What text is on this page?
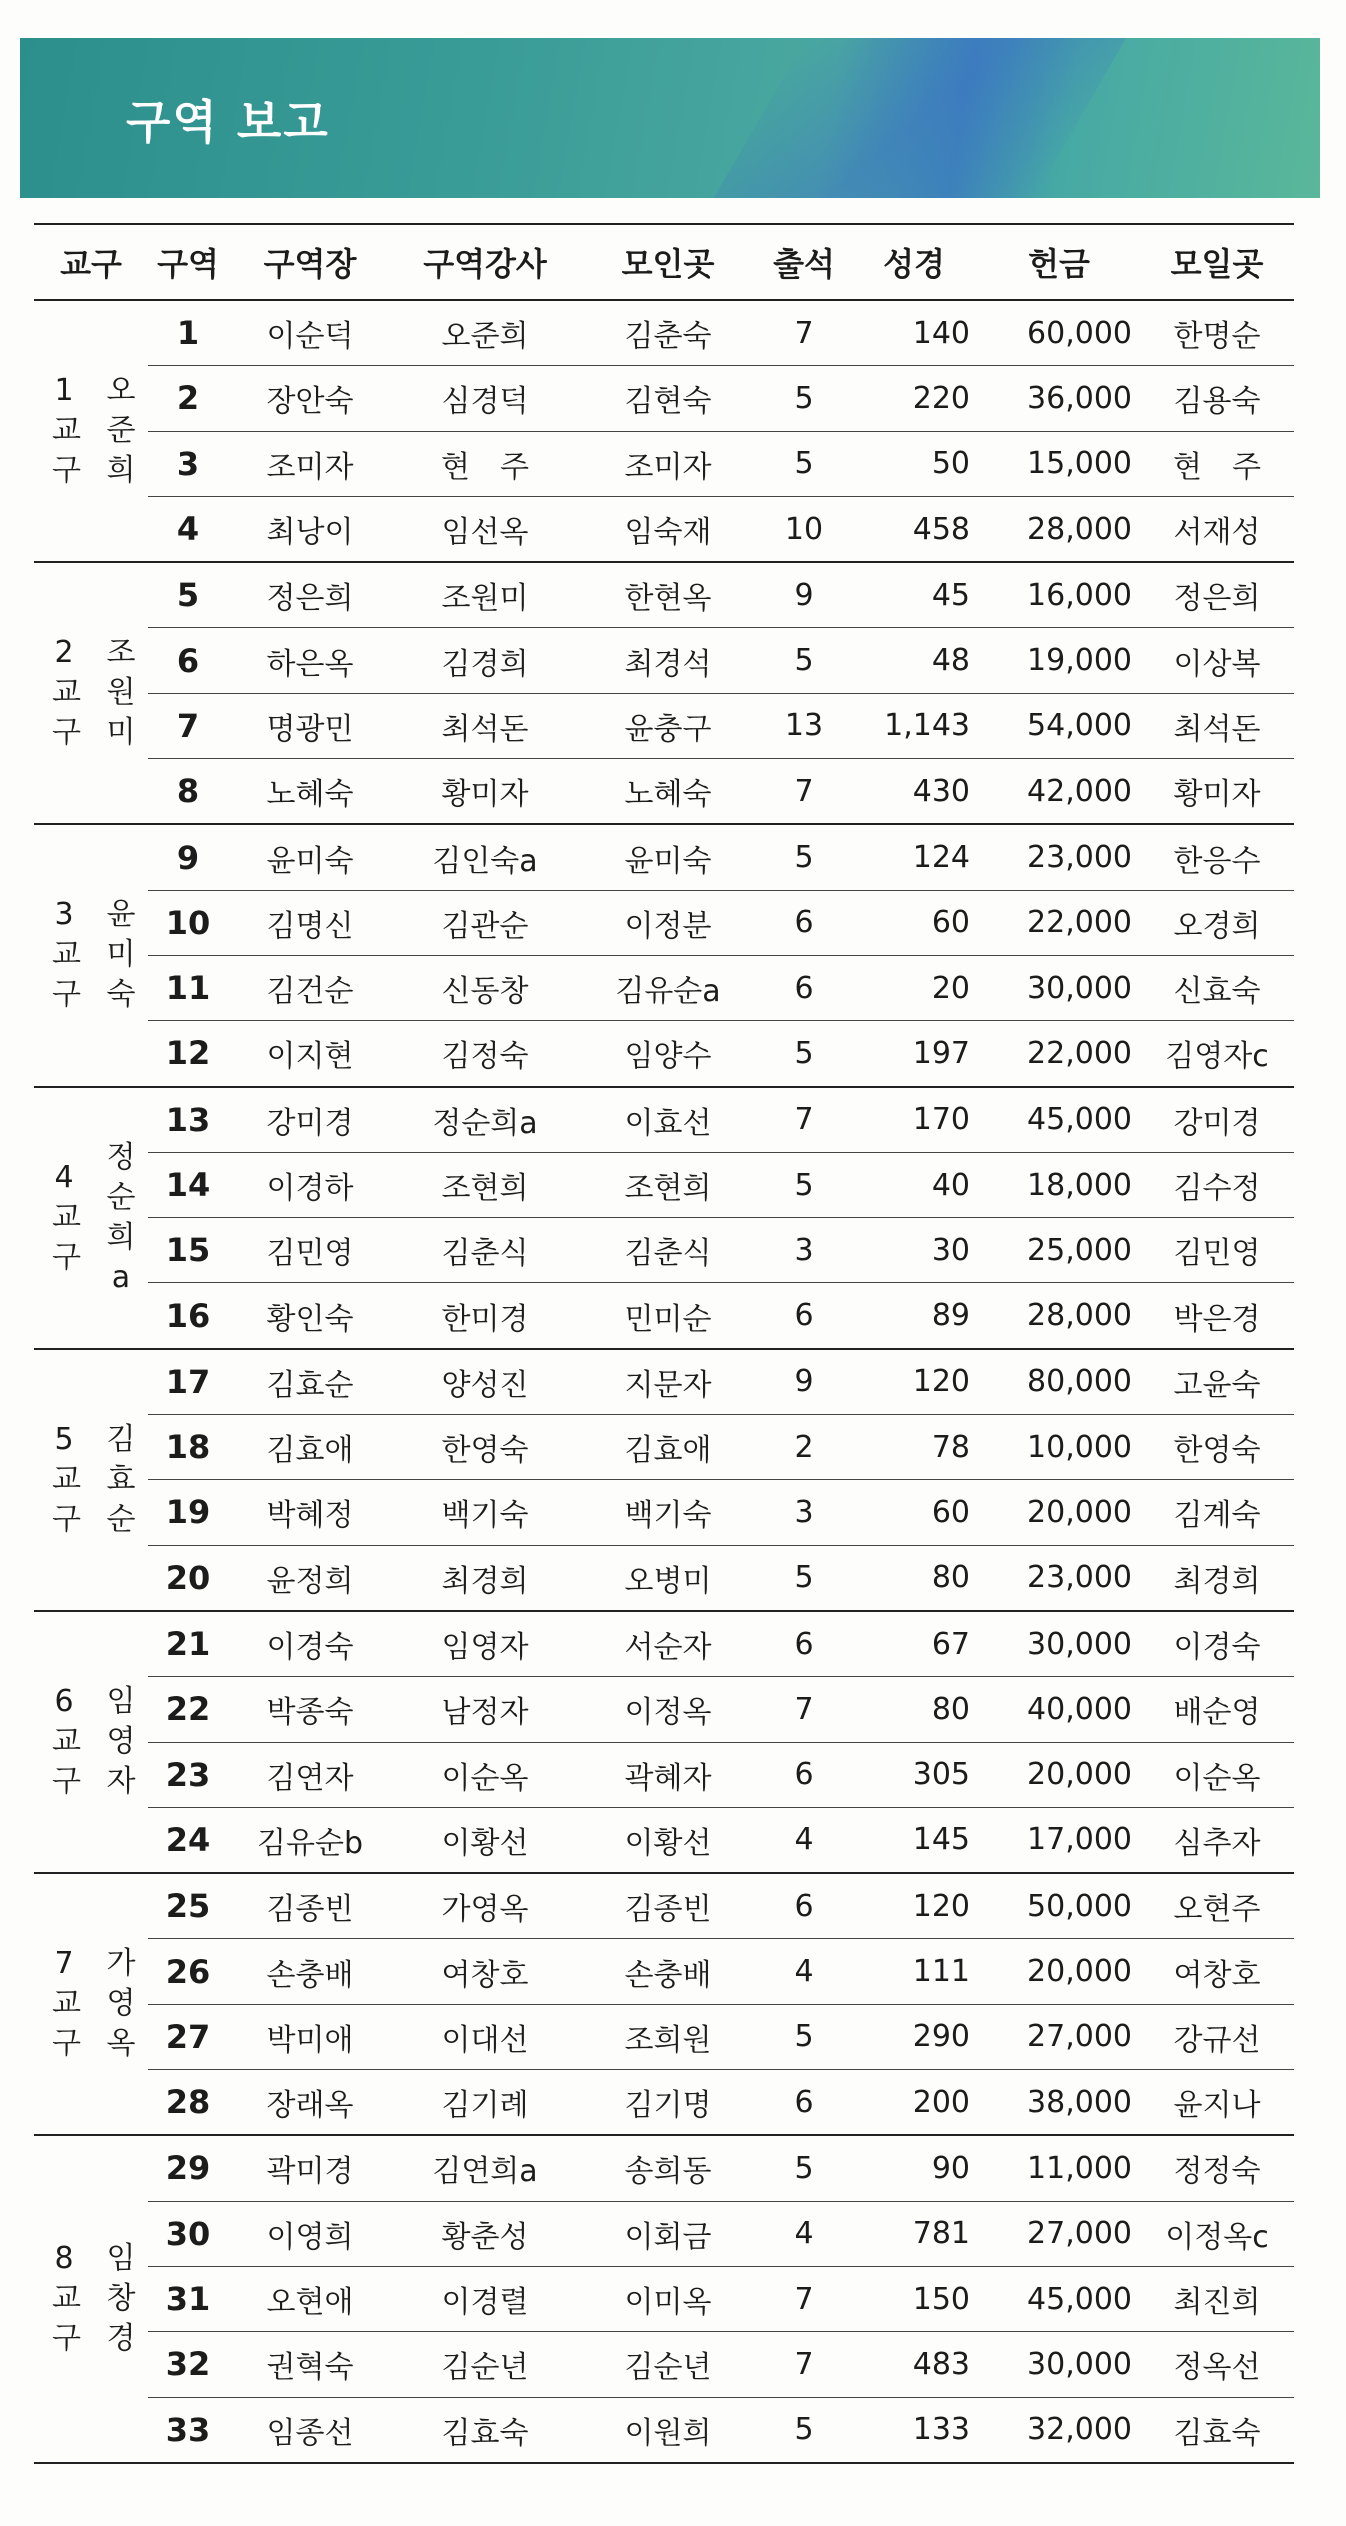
구역 보고
교구		구역	구역장	구역강사	모인곳	출석	성경	헌금	모일곳
1교구	오준희	1	이순덕	오준희	김춘숙	7	140	60,000	한명순
		2	장안숙	심경덕	김현숙	5	220	36,000	김용숙
		3	조미자	현　주	조미자	5	50	15,000	현　주
		4	최낭이	임선옥	임숙재	10	458	28,000	서재성
2교구	조원미	5	정은희	조원미	한현옥	9	45	16,000	정은희
		6	하은옥	김경희	최경석	5	48	19,000	이상복
		7	명광민	최석돈	윤충구	13	1,143	54,000	최석돈
		8	노혜숙	황미자	노혜숙	7	430	42,000	황미자
3교구	윤미숙	9	윤미숙	김인숙a	윤미숙	5	124	23,000	한응수
		10	김명신	김관순	이정분	6	60	22,000	오경희
		11	김건순	신동창	김유순a	6	20	30,000	신효숙
		12	이지현	김정숙	임양수	5	197	22,000	김영자c
4교구	정순희a	13	강미경	정순희a	이효선	7	170	45,000	강미경
		14	이경하	조현희	조현희	5	40	18,000	김수정
		15	김민영	김춘식	김춘식	3	30	25,000	김민영
		16	황인숙	한미경	민미순	6	89	28,000	박은경
5교구	김효순	17	김효순	양성진	지문자	9	120	80,000	고윤숙
		18	김효애	한영숙	김효애	2	78	10,000	한영숙
		19	박혜정	백기숙	백기숙	3	60	20,000	김계숙
		20	윤정희	최경희	오병미	5	80	23,000	최경희
6교구	임영자	21	이경숙	임영자	서순자	6	67	30,000	이경숙
		22	박종숙	남정자	이정옥	7	80	40,000	배순영
		23	김연자	이순옥	곽혜자	6	305	20,000	이순옥
		24	김유순b	이황선	이황선	4	145	17,000	심추자
7교구	가영옥	25	김종빈	가영옥	김종빈	6	120	50,000	오현주
		26	손충배	여창호	손충배	4	111	20,000	여창호
		27	박미애	이대선	조희원	5	290	27,000	강규선
		28	장래옥	김기례	김기명	6	200	38,000	윤지나
8교구	임창경	29	곽미경	김연희a	송희동	5	90	11,000	정정숙
		30	이영희	황춘성	이회금	4	781	27,000	이정옥c
		31	오현애	이경렬	이미옥	7	150	45,000	최진희
		32	권혁숙	김순년	김순년	7	483	30,000	정옥선
		33	임종선	김효숙	이원희	5	133	32,000	김효숙
